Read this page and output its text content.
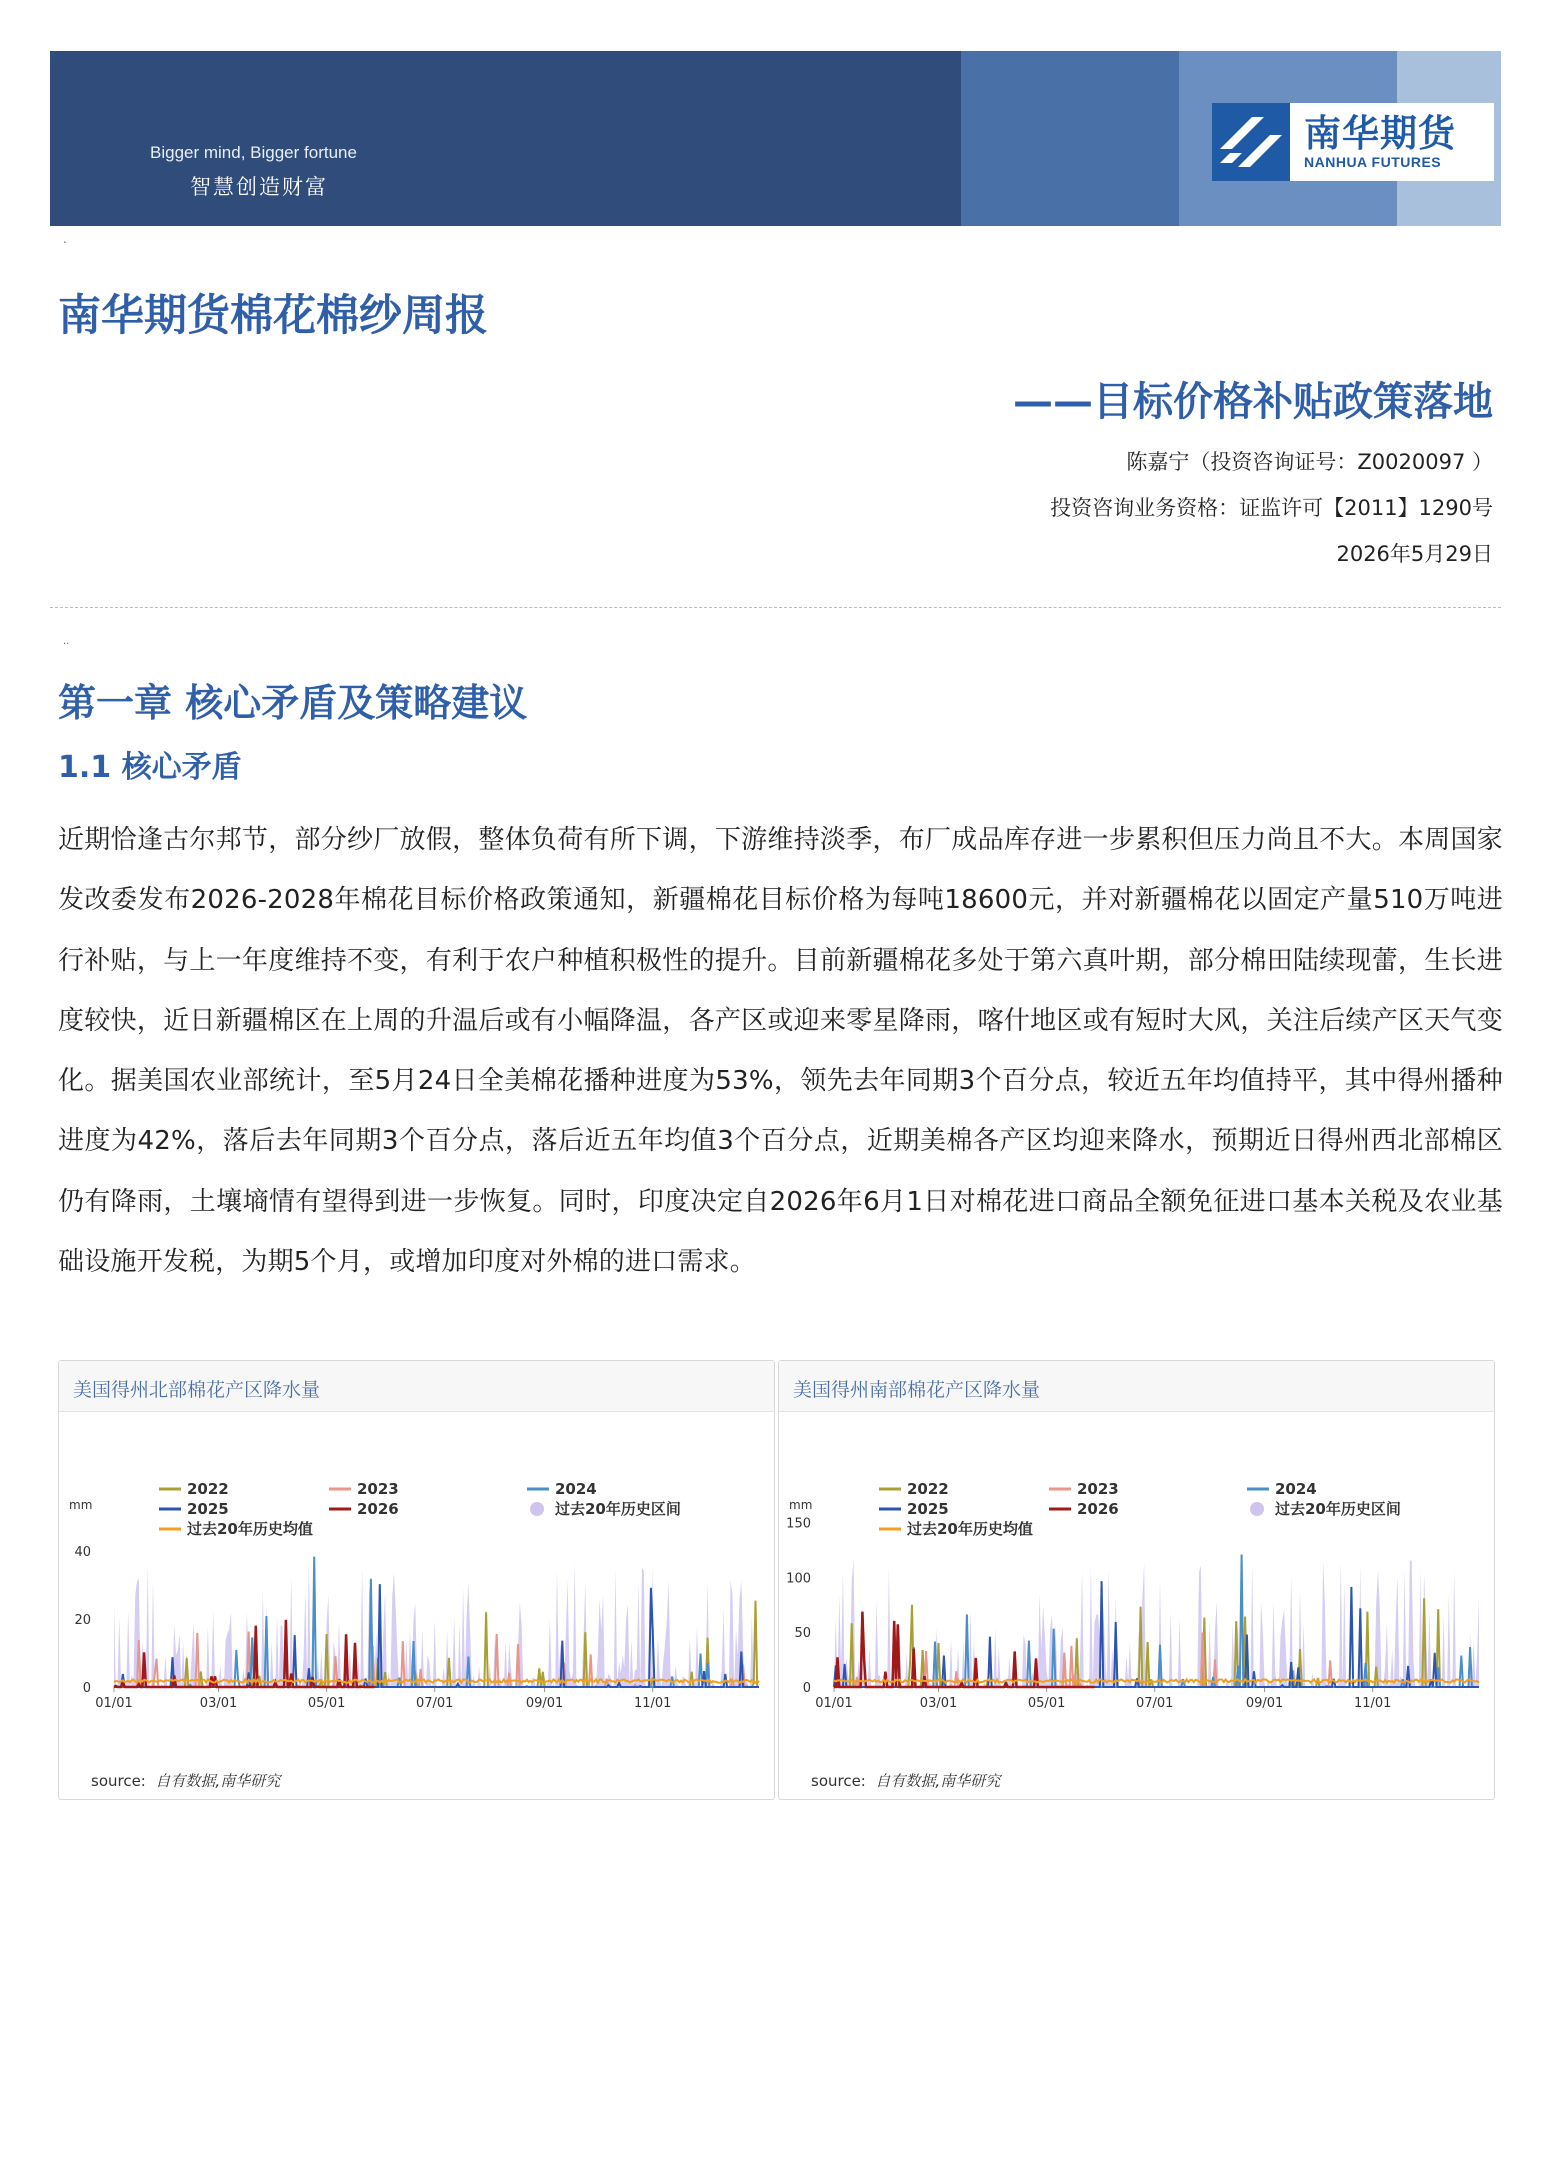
Bigger mind, Bigger fortune
智慧创造财富
南华期货
NANHUA FUTURES
.
南华期货棉花棉纱周报
——目标价格补贴政策落地
陈嘉宁（投资咨询证号：Z0020097 ）
投资咨询业务资格：证监许可【2011】1290号
2026年5月29日
..
第一章 核心矛盾及策略建议
1.1 核心矛盾
近期恰逢古尔邦节，部分纱厂放假，整体负荷有所下调，下游维持淡季，布厂成品库存进一步累积但压力尚且不大。本周国家发改委发布2026-2028年棉花目标价格政策通知，新疆棉花目标价格为每吨18600元，并对新疆棉花以固定产量510万吨进行补贴，与上一年度维持不变，有利于农户种植积极性的提升。目前新疆棉花多处于第六真叶期，部分棉田陆续现蕾，生长进度较快，近日新疆棉区在上周的升温后或有小幅降温，各产区或迎来零星降雨，喀什地区或有短时大风，关注后续产区天气变化。据美国农业部统计，至5月24日全美棉花播种进度为53%，领先去年同期3个百分点，较近五年均值持平，其中得州播种进度为42%，落后去年同期3个百分点，落后近五年均值3个百分点，近期美棉各产区均迎来降水，预期近日得州西北部棉区仍有降雨，土壤墒情有望得到进一步恢复。同时，印度决定自2026年6月1日对棉花进口商品全额免征进口基本关税及农业基础设施开发税，为期5个月，或增加印度对外棉的进口需求。
美国得州北部棉花产区降水量
2022	2023	2024
2025	2026	过去20年历史区间
过去20年历史均值
mm
0
20
40
01/01	03/01	05/01	07/01	09/01	11/01
source: 自有数据,南华研究
美国得州南部棉花产区降水量
2022	2023	2024
2025	2026	过去20年历史区间
过去20年历史均值
mm
0
50
100
150
01/01	03/01	05/01	07/01	09/01	11/01
source: 自有数据,南华研究
